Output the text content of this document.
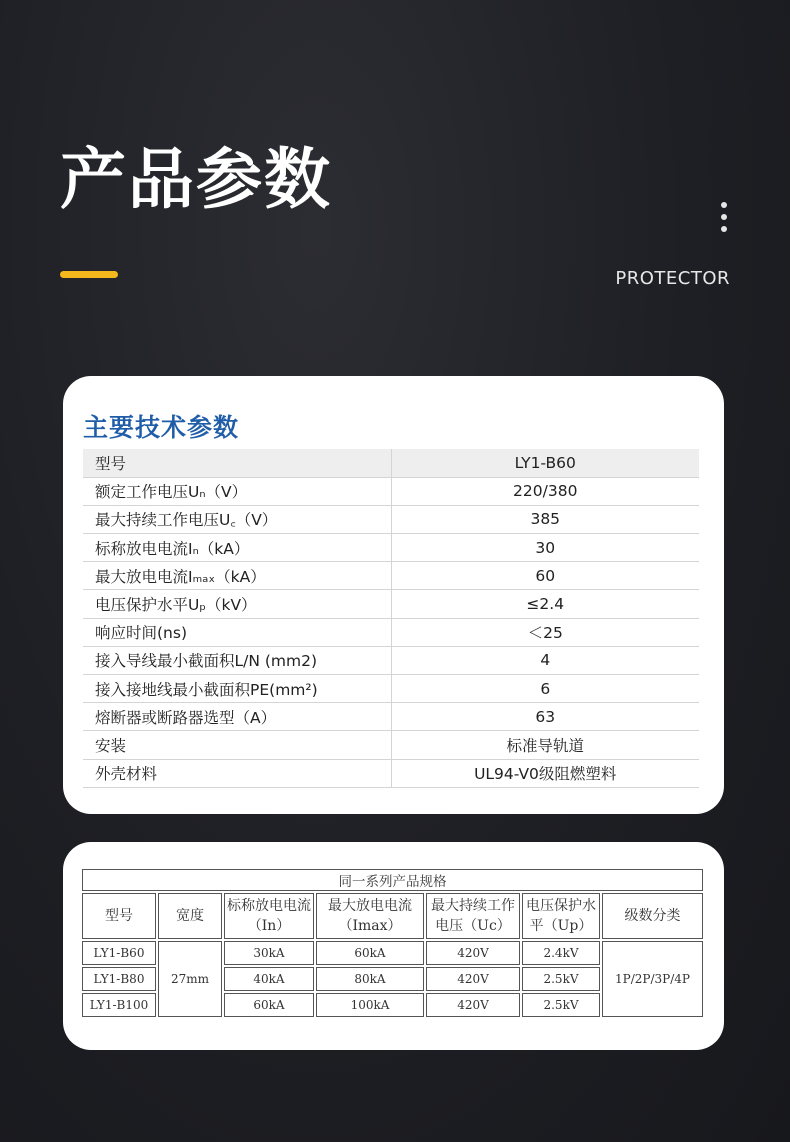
产品参数
PROTECTOR
主要技术参数
型号	LY1-B60
额定工作电压Uₙ（V）	220/380
最大持续工作电压U꜀（V）	385
标称放电电流Iₙ（kA）	30
最大放电电流Iₘₐₓ（kA）	60
电压保护水平Uₚ（kV）	≤2.4
响应时间(ns)	＜25
接入导线最小截面积L/N (mm2)	4
接入接地线最小截面积PE(mm²)	6
熔断器或断路器选型（A）	63
安装	标准导轨道
外壳材料	UL94-V0级阻燃塑料
同一系列产品规格						
型号	宽度	标称放电电流（In）	最大放电电流（Imax）	最大持续工作电压（Uc）	电压保护水平（Up）	级数分类
LY1-B60	27mm	30kA	60kA	420V	2.4kV	1P/2P/3P/4P
LY1-B80		40kA	80kA	420V	2.5kV	
LY1-B100		60kA	100kA	420V	2.5kV	
